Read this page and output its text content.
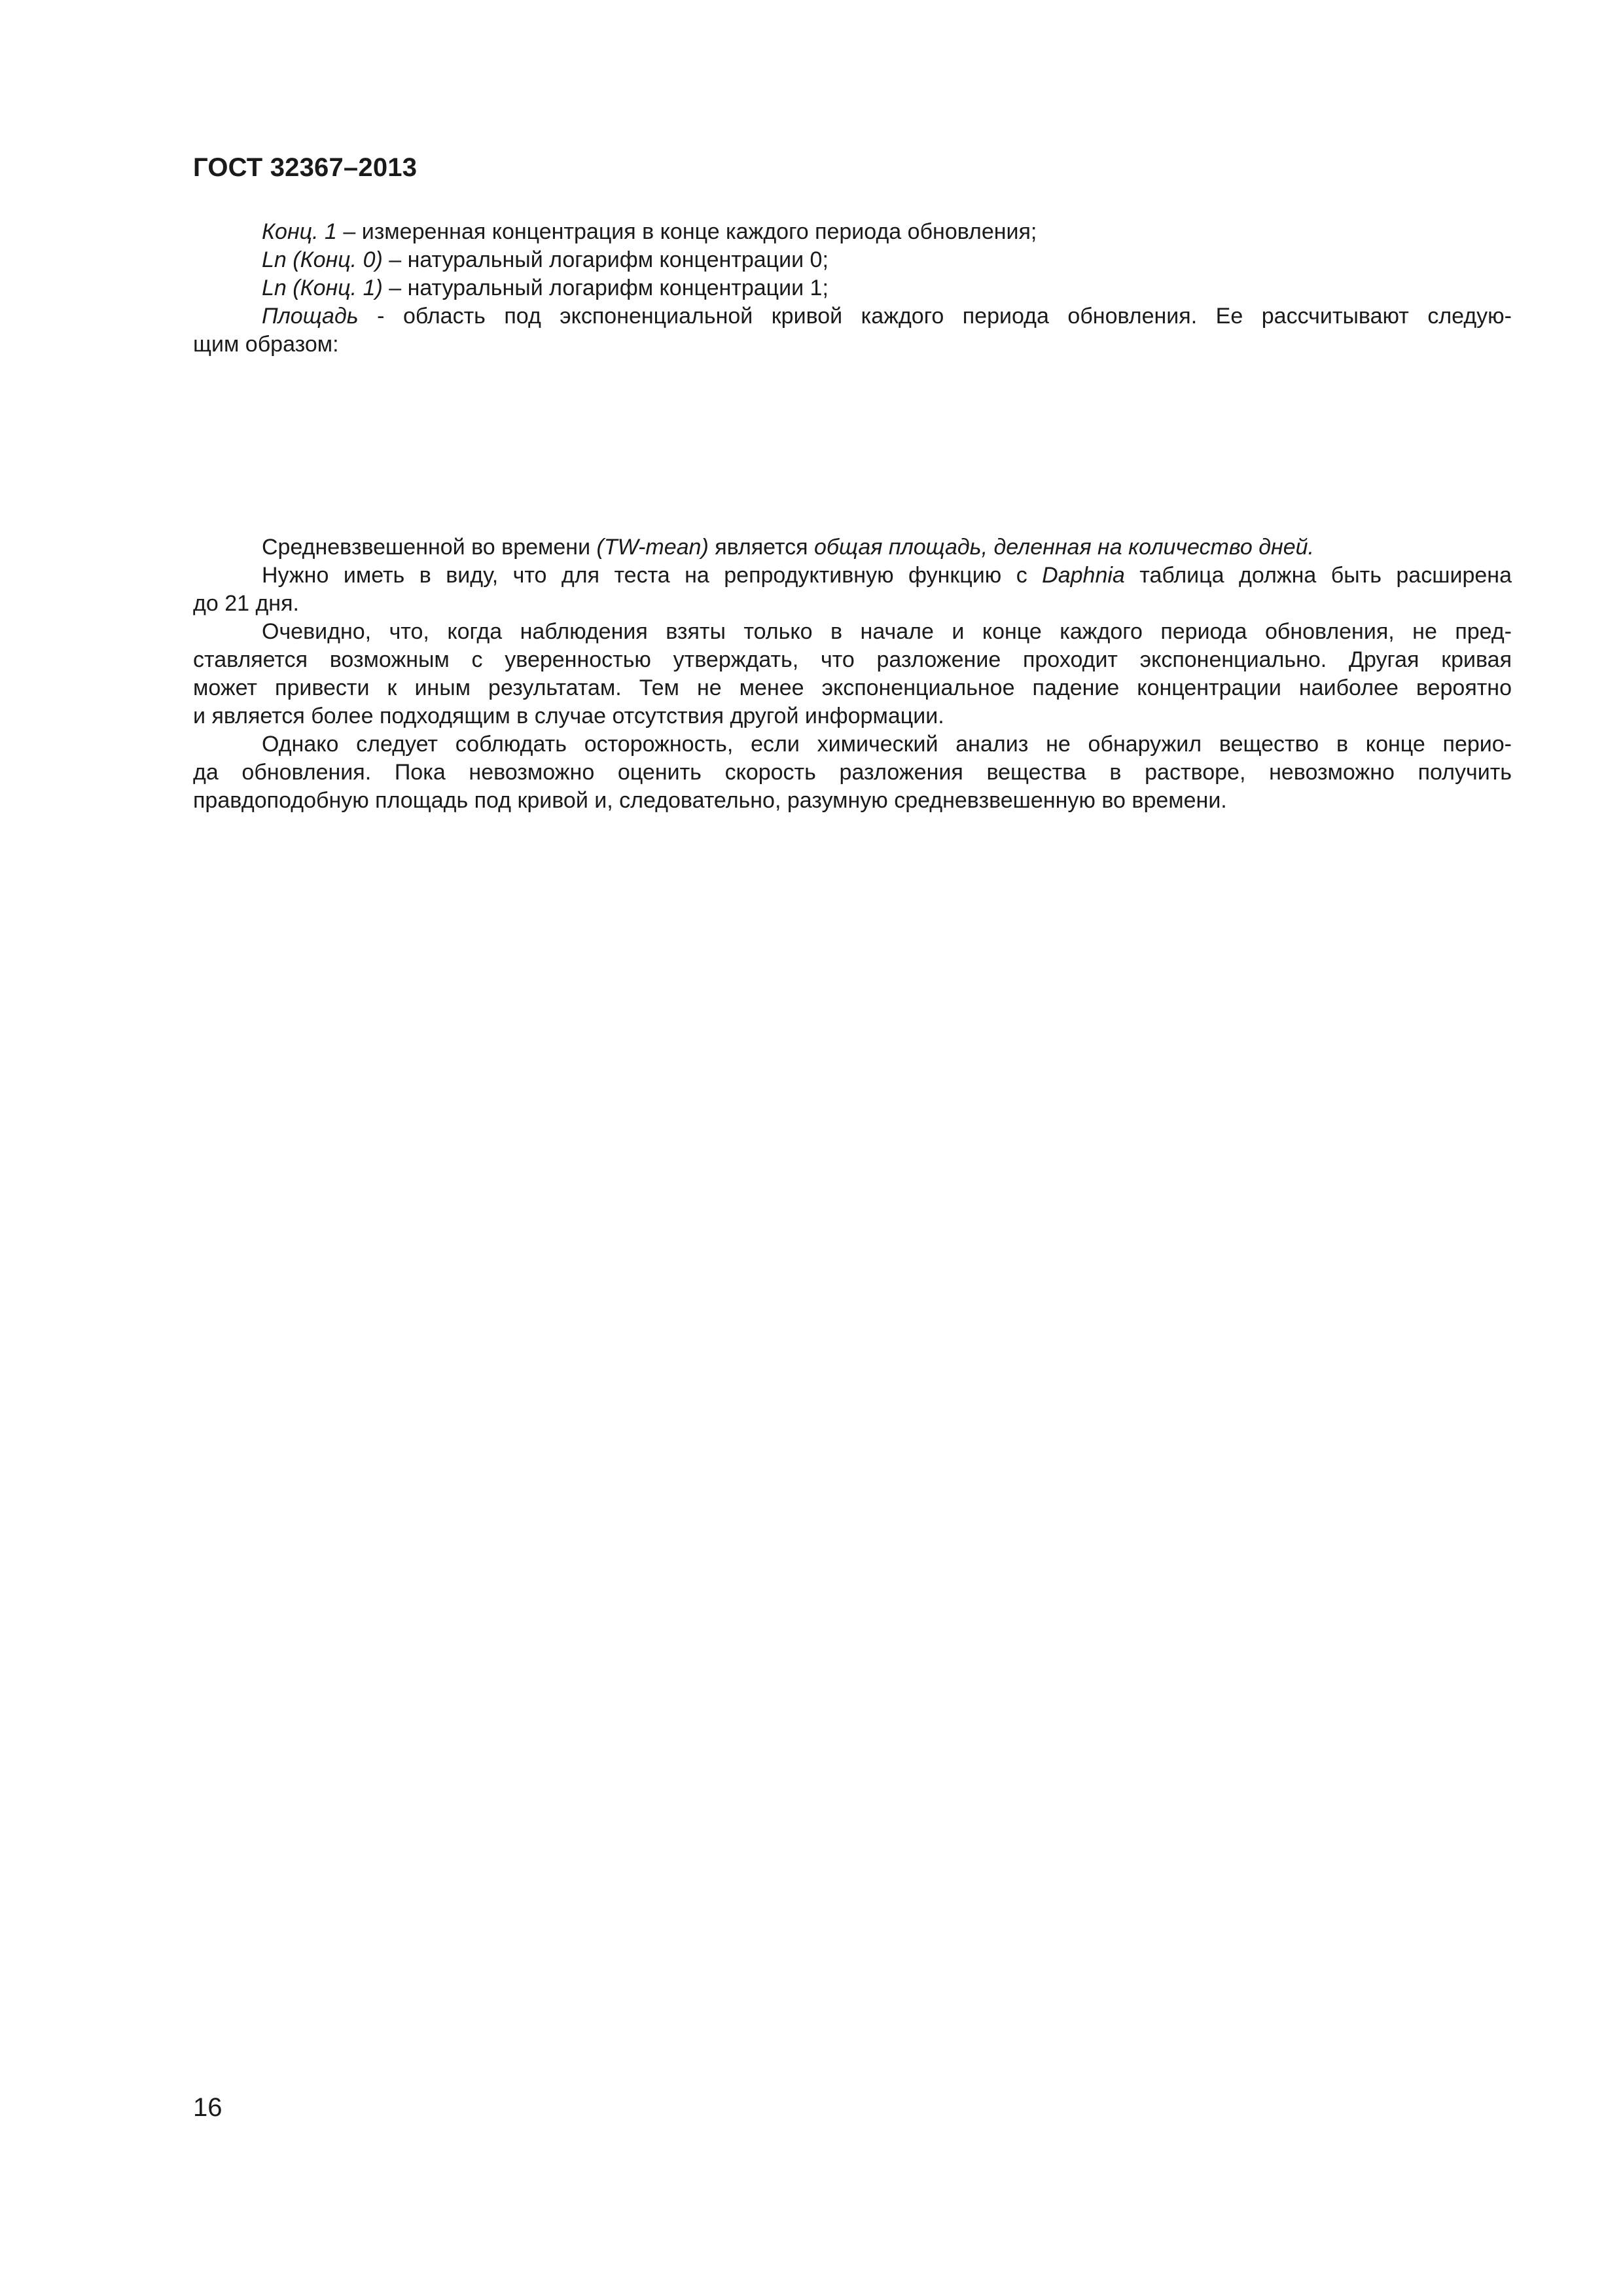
ГОСТ 32367–2013

Конц. 1 – измеренная концентрация в конце каждого периода обновления;

Ln (Конц. 0) – натуральный логарифм концентрации 0;

Ln (Конц. 1) – натуральный логарифм концентрации 1;

Площадь - область под экспоненциальной кривой каждого периода обновления. Ее рассчитывают следую-
щим образом:

Средневзвешенной во времени (TW-mean) является общая площадь, деленная на количество дней.

Нужно иметь в виду, что для теста на репродуктивную функцию с Daphnia таблица должна быть расширена
до 21 дня.
Очевидно, что, когда наблюдения взяты только в начале и конце каждого периода обновления, не пред-
ставляется возможным с уверенностью утверждать, что разложение проходит экспоненциально. Другая кривая
может привести к иным результатам. Тем не менее экспоненциальное падение концентрации наиболее вероятно
и является более подходящим в случае отсутствия другой информации.
Однако следует соблюдать осторожность, если химический анализ не обнаружил вещество в конце перио-
да обновления. Пока невозможно оценить скорость разложения вещества в растворе, невозможно получить
правдоподобную площадь под кривой и, следовательно, разумную средневзвешенную во времени.

16
